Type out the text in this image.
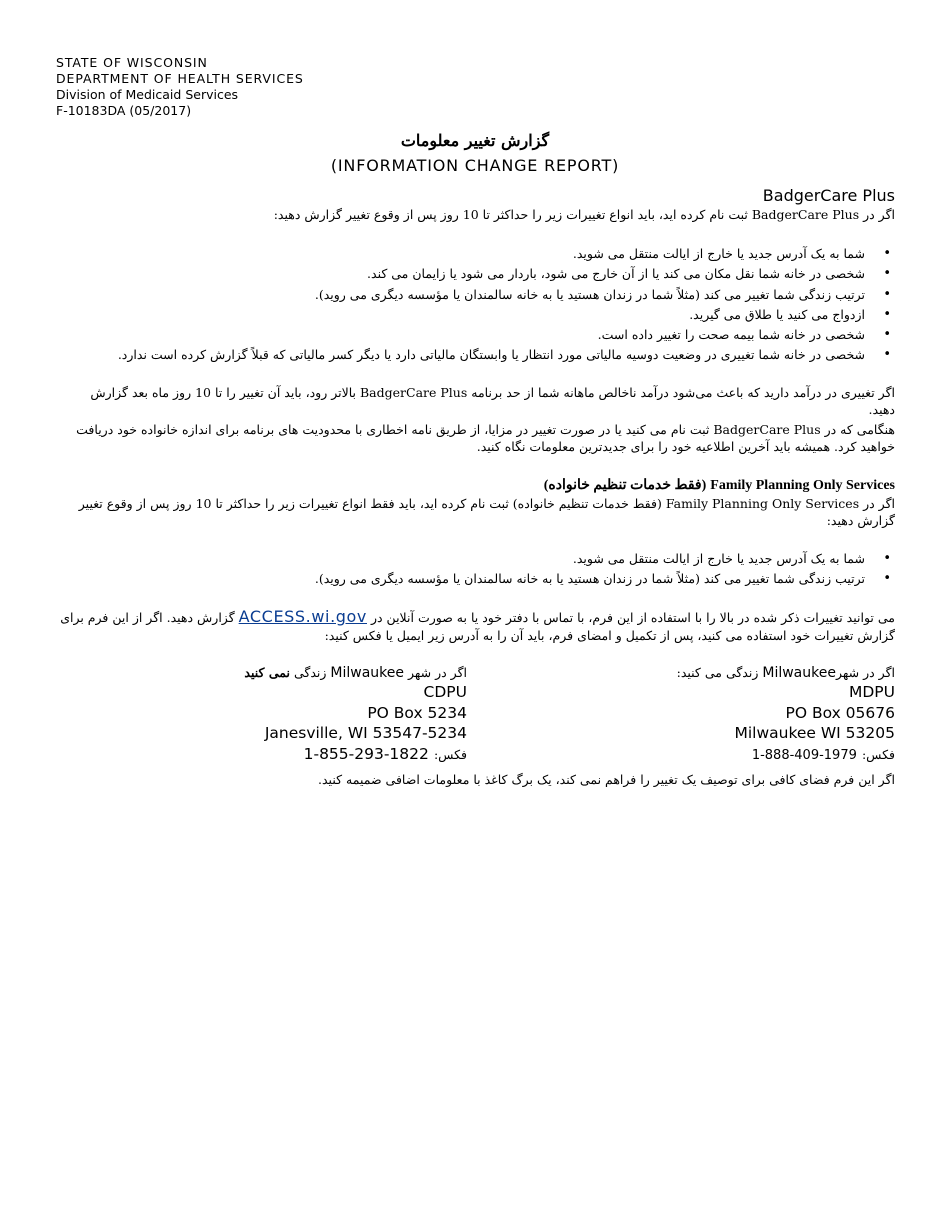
STATE OF WISCONSIN
DEPARTMENT OF HEALTH SERVICES
Division of Medicaid Services
F-10183DA (05/2017)
گزارش تغییر معلومات
(INFORMATION CHANGE REPORT)
BadgerCare Plus
اگر در BadgerCare Plus ثبت نام کرده اید، باید انواع تغییرات زیر را حداکثر تا 10 روز پس از وقوع تغییر گزارش دهید:
• شما به یک آدرس جدید یا خارج از ایالت منتقل می شوید.
• شخصی در خانه شما نقل مکان می کند یا از آن خارج می شود، باردار می شود یا زایمان می کند.
• ترتیب زندگی شما تغییر می کند (مثلاً شما در زندان هستید یا به خانه سالمندان یا مؤسسه دیگری می روید).
• ازدواج می کنید یا طلاق می گیرید.
• شخصی در خانه شما بیمه صحت را تغییر داده است.
• شخصی در خانه شما تغییری در وضعیت دوسیه مالیاتی مورد انتظار یا وابستگان مالیاتی دارد یا دیگر کسر مالیاتی که قبلاً گزارش کرده است ندارد.
اگر تغییری در درآمد دارید که باعث می‌شود درآمد ناخالص ماهانه شما از حد برنامه BadgerCare Plus بالاتر رود، باید آن تغییر را تا 10 روز ماه بعد گزارش دهید.
هنگامی که در BadgerCare Plus ثبت نام می کنید یا در صورت تغییر در مزایا، از طریق نامه اخطاری با محدودیت های برنامه برای اندازه خانواده خود دریافت خواهید کرد. همیشه باید آخرین اطلاعیه خود را برای جدیدترین معلومات نگاه کنید.
Family Planning Only Services (فقط خدمات تنظیم خانواده)
اگر در Family Planning Only Services (فقط خدمات تنظیم خانواده) ثبت نام کرده اید، باید فقط انواع تغییرات زیر را حداکثر تا 10 روز پس از وقوع تغییر گزارش دهید:
• شما به یک آدرس جدید یا خارج از ایالت منتقل می شوید.
• ترتیب زندگی شما تغییر می کند (مثلاً شما در زندان هستید یا به خانه سالمندان یا مؤسسه دیگری می روید).
می توانید تغییرات ذکر شده در بالا را با استفاده از این فرم، با تماس با دفتر خود یا به صورت آنلاین در ACCESS.wi.gov گزارش دهید. اگر از این فرم برای گزارش تغییرات خود استفاده می کنید، پس از تکمیل و امضای فرم، باید آن را به آدرس زیر ایمیل یا فکس کنید:
اگر در شهرMilwaukee زندگی می کنید:
MDPU
PO Box 05676
Milwaukee WI 53205
فکس: 1-888-409-1979
اگر در شهر Milwaukee زندگی نمی کنید
CDPU
PO Box 5234
Janesville, WI 53547-5234
فکس: 1-855-293-1822
اگر این فرم فضای کافی برای توصیف یک تغییر را فراهم نمی کند، یک برگ کاغذ با معلومات اضافی ضمیمه کنید.
